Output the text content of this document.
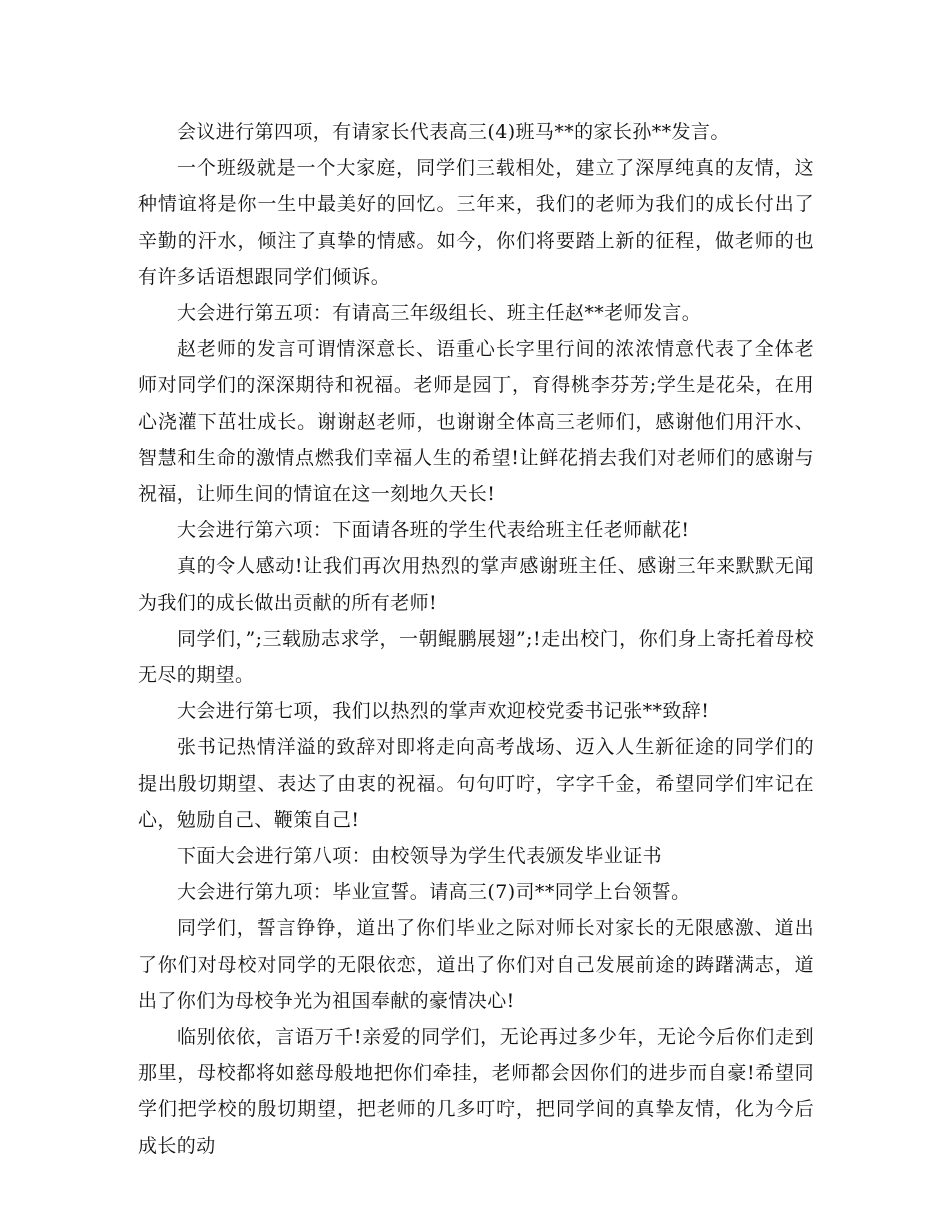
会议进行第四项，有请家长代表高三(4)班马**的家长孙**发言。

一个班级就是一个大家庭，同学们三载相处，建立了深厚纯真的友情，这种情谊将是你一生中最美好的回忆。三年来，我们的老师为我们的成长付出了辛勤的汗水，倾注了真挚的情感。如今，你们将要踏上新的征程，做老师的也有许多话语想跟同学们倾诉。

大会进行第五项：有请高三年级组长、班主任赵**老师发言。

赵老师的发言可谓情深意长、语重心长字里行间的浓浓情意代表了全体老师对同学们的深深期待和祝福。老师是园丁，育得桃李芬芳;学生是花朵，在用心浇灌下茁壮成长。谢谢赵老师，也谢谢全体高三老师们，感谢他们用汗水、智慧和生命的激情点燃我们幸福人生的希望!让鲜花捎去我们对老师们的感谢与祝福，让师生间的情谊在这一刻地久天长!

大会进行第六项：下面请各班的学生代表给班主任老师献花!

真的令人感动!让我们再次用热烈的掌声感谢班主任、感谢三年来默默无闻为我们的成长做出贡献的所有老师!

同学们，”;三载励志求学，一朝鲲鹏展翅”;!走出校门，你们身上寄托着母校无尽的期望。

大会进行第七项，我们以热烈的掌声欢迎校党委书记张**致辞!

张书记热情洋溢的致辞对即将走向高考战场、迈入人生新征途的同学们的提出殷切期望、表达了由衷的祝福。句句叮咛，字字千金，希望同学们牢记在心，勉励自己、鞭策自己!

下面大会进行第八项：由校领导为学生代表颁发毕业证书

大会进行第九项：毕业宣誓。请高三(7)司**同学上台领誓。

同学们，誓言铮铮，道出了你们毕业之际对师长对家长的无限感激、道出了你们对母校对同学的无限依恋，道出了你们对自己发展前途的踌躇满志，道出了你们为母校争光为祖国奉献的豪情决心!

临别依依，言语万千!亲爱的同学们，无论再过多少年，无论今后你们走到那里，母校都将如慈母般地把你们牵挂，老师都会因你们的进步而自豪!希望同学们把学校的殷切期望，把老师的几多叮咛，把同学间的真挚友情，化为今后成长的动
